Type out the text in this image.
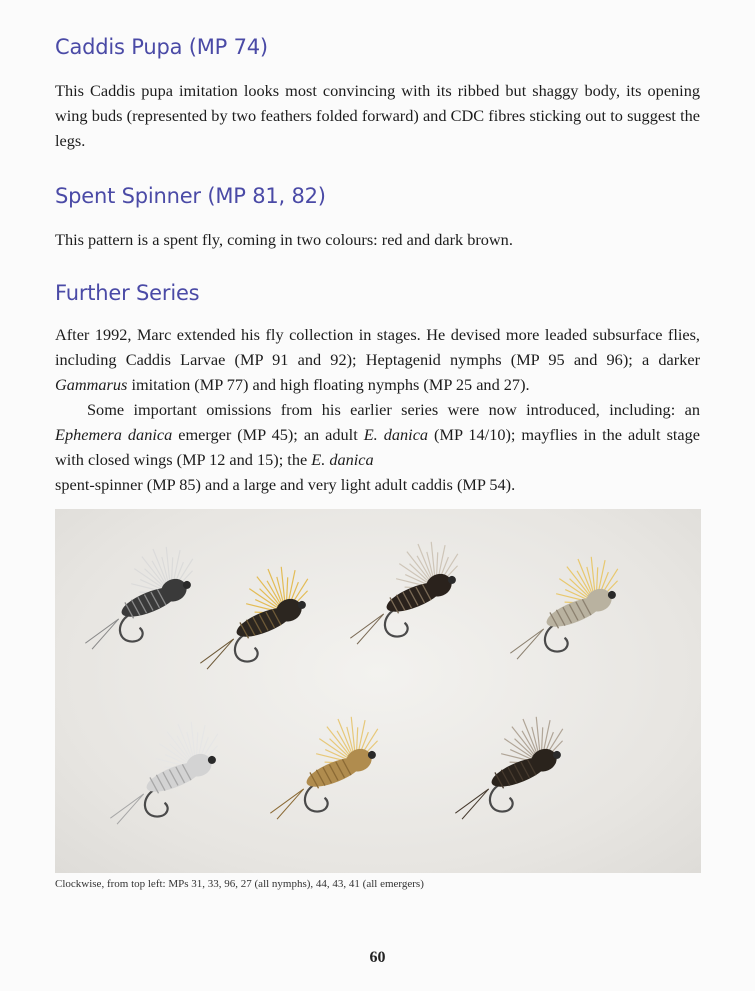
Caddis Pupa (MP 74)

This Caddis pupa imitation looks most convincing with its ribbed but shaggy body, its opening wing buds (represented by two feathers folded forward) and CDC fibres sticking out to suggest the legs.

Spent Spinner (MP 81, 82)

This pattern is a spent fly, coming in two colours: red and dark brown.

Further Series

After 1992, Marc extended his fly collection in stages. He devised more leaded subsurface flies, including Caddis Larvae (MP 91 and 92); Heptagenid nymphs (MP 95 and 96); a darker Gammarus imitation (MP 77) and high floating nymphs (MP 25 and 27).

Some important omissions from his earlier series were now introduced, including: an Ephemera danica emerger (MP 45); an adult E. danica (MP 14/10); mayflies in the adult stage with closed wings (MP 12 and 15); the E. danica
spent-spinner (MP 85) and a large and very light adult caddis (MP 54).

Clockwise, from top left: MPs 31, 33, 96, 27 (all nymphs), 44, 43, 41 (all emergers)

60
